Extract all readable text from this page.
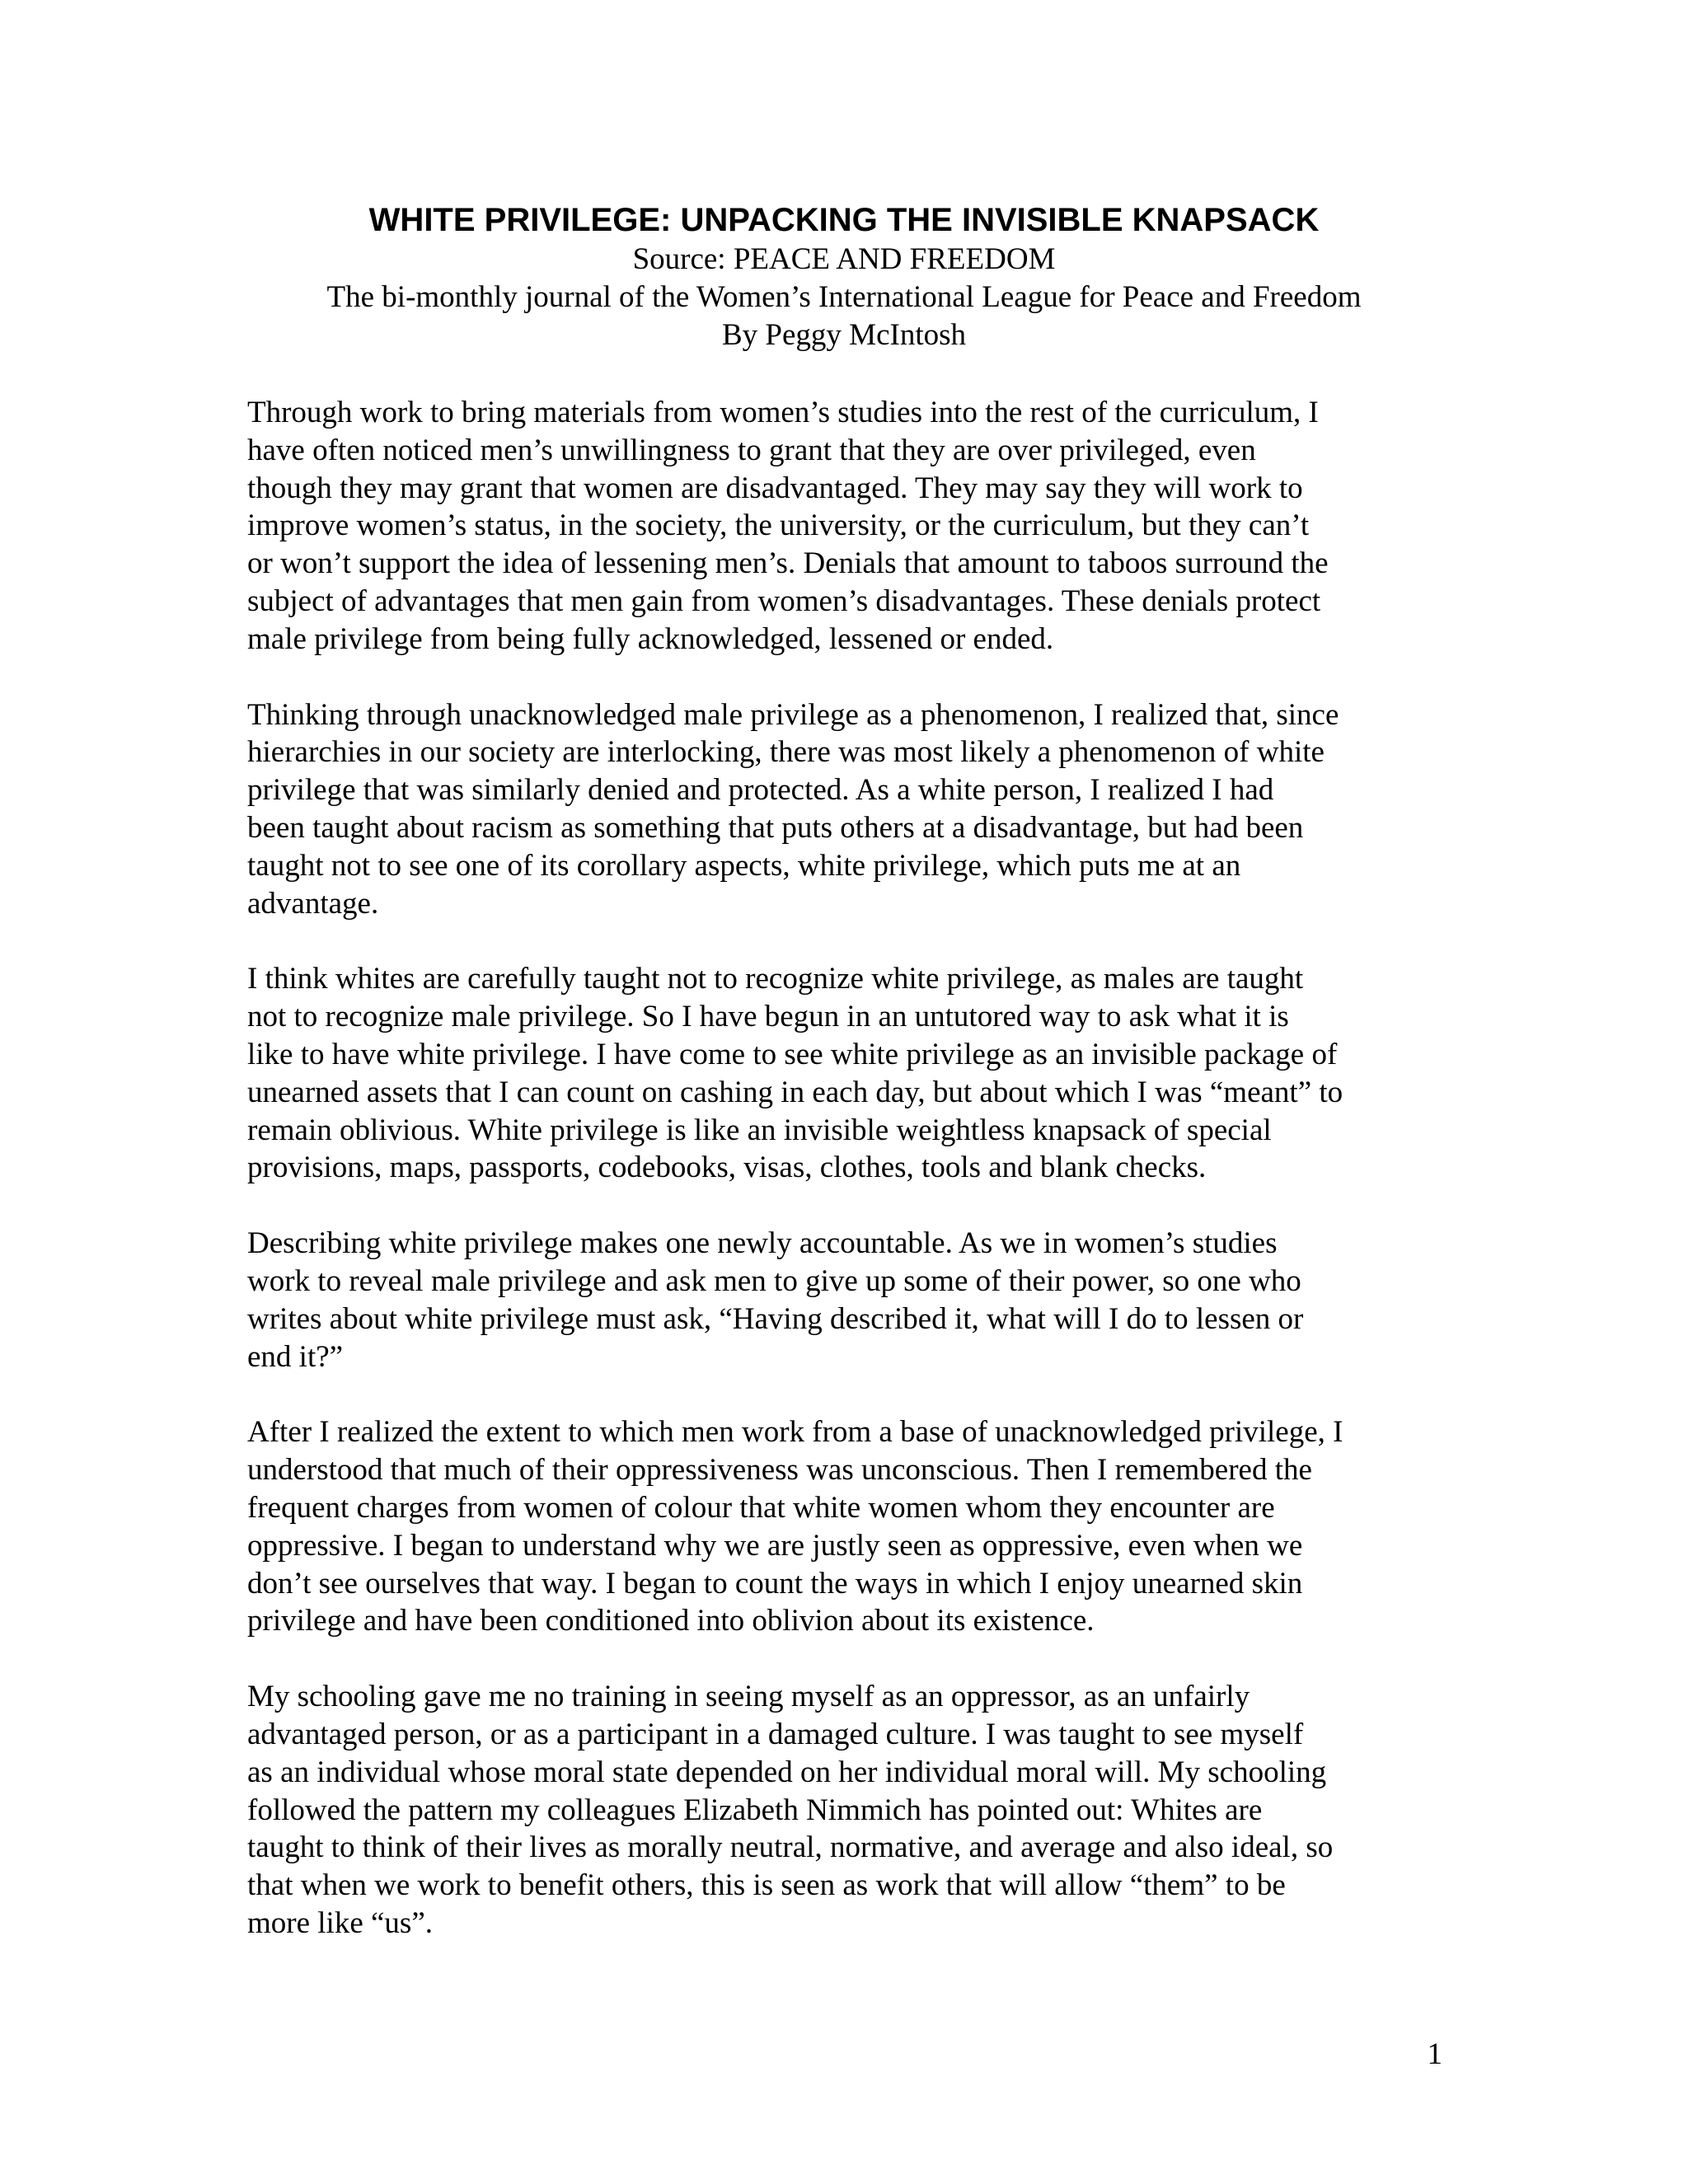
WHITE PRIVILEGE: UNPACKING THE INVISIBLE KNAPSACK

Source: PEACE AND FREEDOM

The bi-monthly journal of the Women’s International League for Peace and Freedom

By Peggy McIntosh

Through work to bring materials from women’s studies into the rest of the curriculum, I
have often noticed men’s unwillingness to grant that they are over privileged, even
though they may grant that women are disadvantaged. They may say they will work to
improve women’s status, in the society, the university, or the curriculum, but they can’t
or won’t support the idea of lessening men’s. Denials that amount to taboos surround the
subject of advantages that men gain from women’s disadvantages. These denials protect
male privilege from being fully acknowledged, lessened or ended.

Thinking through unacknowledged male privilege as a phenomenon, I realized that, since
hierarchies in our society are interlocking, there was most likely a phenomenon of white
privilege that was similarly denied and protected. As a white person, I realized I had
been taught about racism as something that puts others at a disadvantage, but had been
taught not to see one of its corollary aspects, white privilege, which puts me at an
advantage.

I think whites are carefully taught not to recognize white privilege, as males are taught
not to recognize male privilege. So I have begun in an untutored way to ask what it is
like to have white privilege. I have come to see white privilege as an invisible package of
unearned assets that I can count on cashing in each day, but about which I was “meant” to
remain oblivious. White privilege is like an invisible weightless knapsack of special
provisions, maps, passports, codebooks, visas, clothes, tools and blank checks.

Describing white privilege makes one newly accountable. As we in women’s studies
work to reveal male privilege and ask men to give up some of their power, so one who
writes about white privilege must ask, “Having described it, what will I do to lessen or
end it?”

After I realized the extent to which men work from a base of unacknowledged privilege, I
understood that much of their oppressiveness was unconscious. Then I remembered the
frequent charges from women of colour that white women whom they encounter are
oppressive. I began to understand why we are justly seen as oppressive, even when we
don’t see ourselves that way. I began to count the ways in which I enjoy unearned skin
privilege and have been conditioned into oblivion about its existence.

My schooling gave me no training in seeing myself as an oppressor, as an unfairly
advantaged person, or as a participant in a damaged culture. I was taught to see myself
as an individual whose moral state depended on her individual moral will. My schooling
followed the pattern my colleagues Elizabeth Nimmich has pointed out: Whites are
taught to think of their lives as morally neutral, normative, and average and also ideal, so
that when we work to benefit others, this is seen as work that will allow “them” to be
more like “us”.

1
